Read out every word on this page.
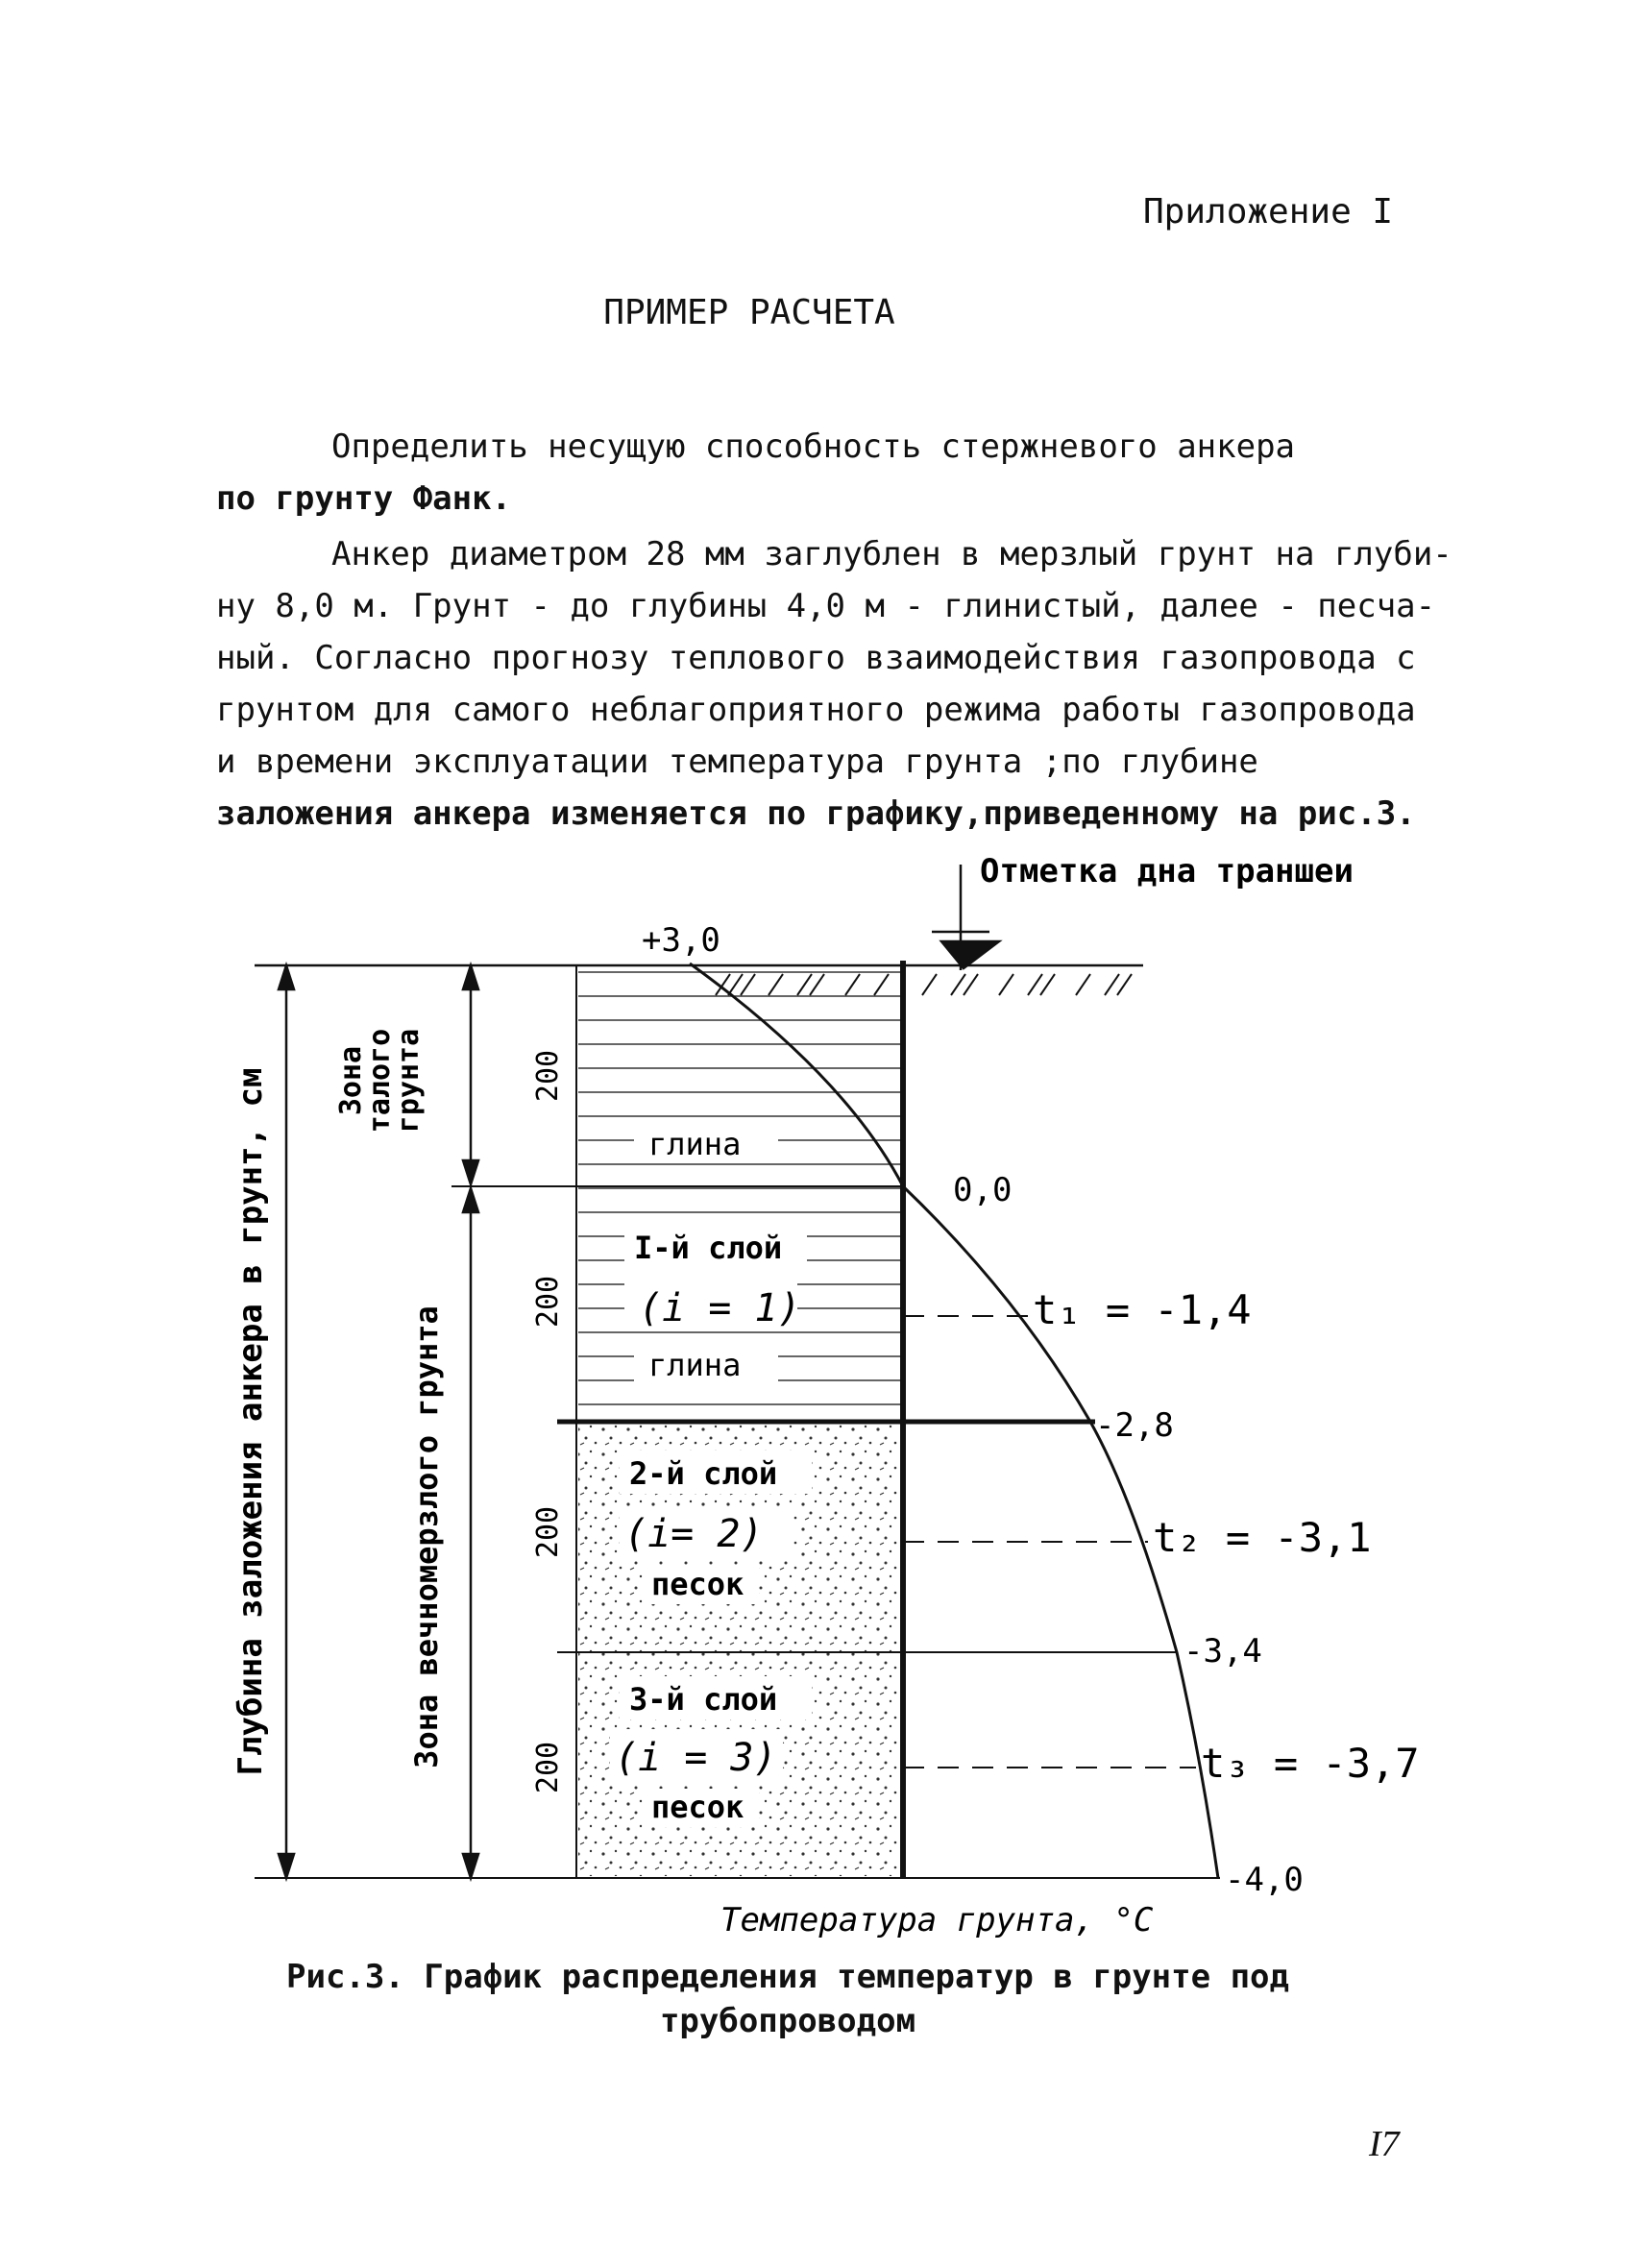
Приложение I
ПРИМЕР РАСЧЕТА
Определить несущую способность стержневого анкера
по грунту Фанк.
Анкер диаметром 28 мм заглублен в мерзлый грунт на глуби-
ну 8,0 м. Грунт - до глубины 4,0 м - глинистый, далее - песча-
ный. Согласно прогнозу теплового взаимодействия газопровода с
грунтом для самого неблагоприятного режима работы газопровода
и времени эксплуатации температура грунта ;по глубине
заложения анкера изменяется по графику,приведенному на рис.3.
Отметка дна траншеи
+3,0
Глубина заложения анкера в грунт, см Зона
талого
грунта
Зона вечномерзлого грунта
200
200
200
200
глина
I-й слой
(i = 1)
глина
2-й слой
(i= 2)
песок
3-й слой
(i = 3)
песок
0,0
t₁ = -1,4
-2,8
t₂ = -3,1
-3,4
t₃ = -3,7
-4,0
Температура грунта, °С
Рис.3. График распределения температур в грунте под
трубопроводом
I7
